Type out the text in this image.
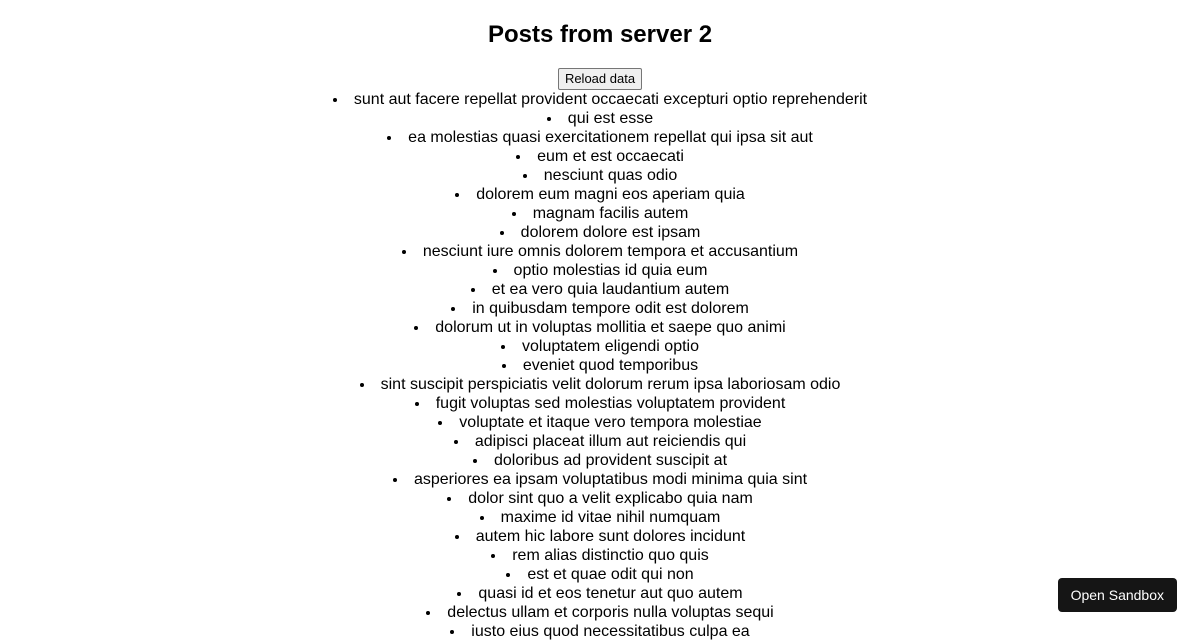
Posts from server 2
Reload data
• sunt aut facere repellat provident occaecati excepturi optio reprehenderit
• qui est esse
• ea molestias quasi exercitationem repellat qui ipsa sit aut
• eum et est occaecati
• nesciunt quas odio
• dolorem eum magni eos aperiam quia
• magnam facilis autem
• dolorem dolore est ipsam
• nesciunt iure omnis dolorem tempora et accusantium
• optio molestias id quia eum
• et ea vero quia laudantium autem
• in quibusdam tempore odit est dolorem
• dolorum ut in voluptas mollitia et saepe quo animi
• voluptatem eligendi optio
• eveniet quod temporibus
• sint suscipit perspiciatis velit dolorum rerum ipsa laboriosam odio
• fugit voluptas sed molestias voluptatem provident
• voluptate et itaque vero tempora molestiae
• adipisci placeat illum aut reiciendis qui
• doloribus ad provident suscipit at
• asperiores ea ipsam voluptatibus modi minima quia sint
• dolor sint quo a velit explicabo quia nam
• maxime id vitae nihil numquam
• autem hic labore sunt dolores incidunt
• rem alias distinctio quo quis
• est et quae odit qui non
• quasi id et eos tenetur aut quo autem
• delectus ullam et corporis nulla voluptas sequi
• iusto eius quod necessitatibus culpa ea
Open Sandbox
